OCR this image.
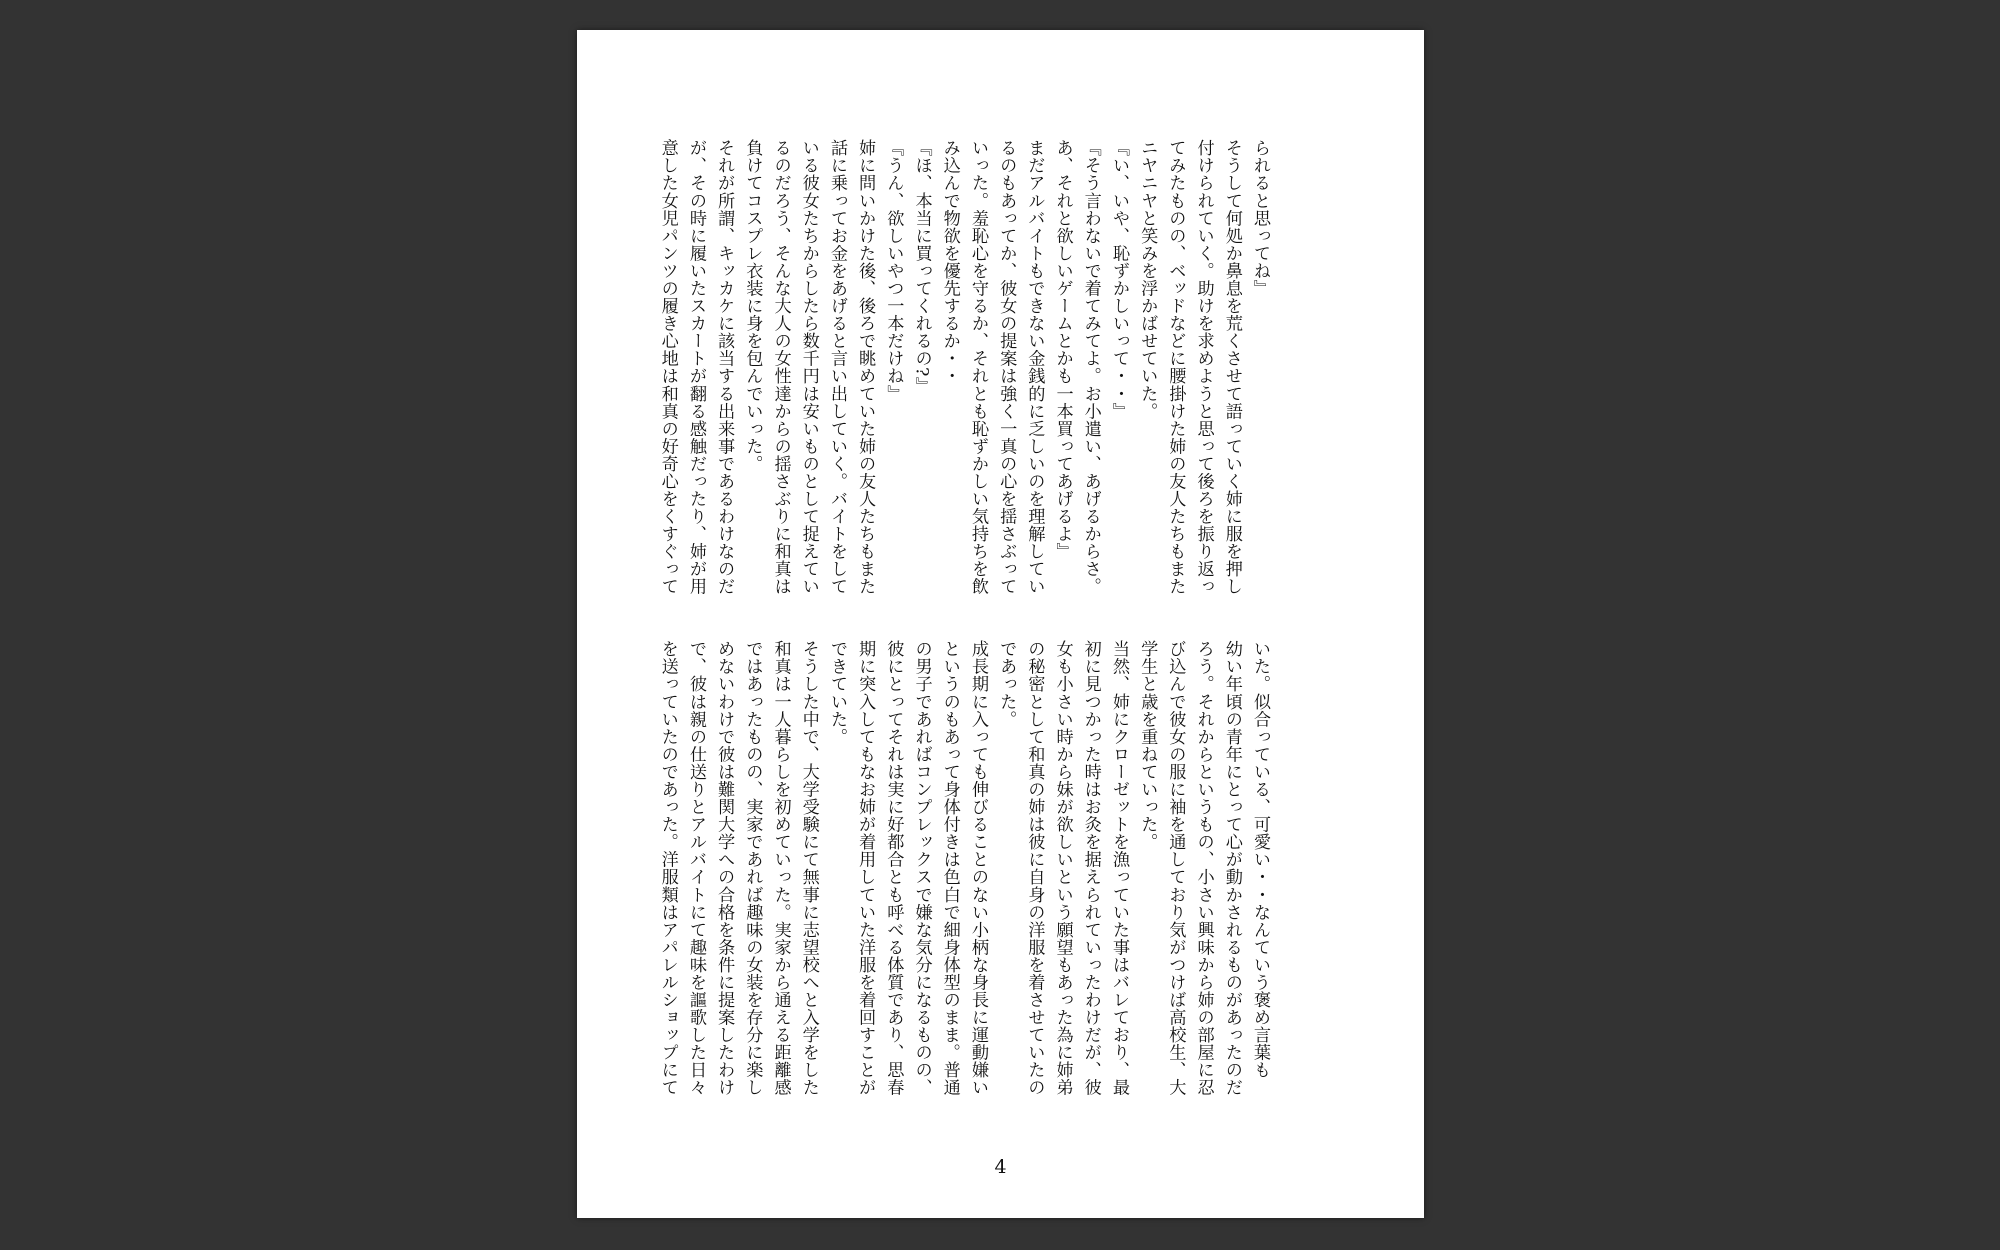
られると思ってね』
そうして何処か鼻息を荒くさせて語っていく姉に服を押し
付けられていく。助けを求めようと思って後ろを振り返っ
てみたものの、ベッドなどに腰掛けた姉の友人たちもまた
ニヤニヤと笑みを浮かばせていた。
『い、いや、恥ずかしいって・・』
『そう言わないで着てみてよ。お小遣い、あげるからさ。
あ、それと欲しいゲームとかも一本買ってあげるよ』
まだアルバイトもできない金銭的に乏しいのを理解してい
るのもあってか、彼女の提案は強く一真の心を揺さぶって
いった。羞恥心を守るか、それとも恥ずかしい気持ちを飲
み込んで物欲を優先するか・・
『ほ、本当に買ってくれるの?』
『うん、欲しいやつ一本だけね』
姉に問いかけた後、後ろで眺めていた姉の友人たちもまた
話に乗ってお金をあげると言い出していく。バイトをして
いる彼女たちからしたら数千円は安いものとして捉えてい
るのだろう、そんな大人の女性達からの揺さぶりに和真は
負けてコスプレ衣装に身を包んでいった。
それが所謂、キッカケに該当する出来事であるわけなのだ
が、その時に履いたスカートが翻る感触だったり、姉が用
意した女児パンツの履き心地は和真の好奇心をくすぐって
いた。似合っている、可愛い・・なんていう褒め言葉も
幼い年頃の青年にとって心が動かされるものがあったのだ
ろう。それからというもの、小さい興味から姉の部屋に忍
び込んで彼女の服に袖を通しており気がつけば高校生、大
学生と歳を重ねていった。
当然、姉にクローゼットを漁っていた事はバレており、最
初に見つかった時はお灸を据えられていったわけだが、彼
女も小さい時から妹が欲しいという願望もあった為に姉弟
の秘密として和真の姉は彼に自身の洋服を着させていたの
であった。
成長期に入っても伸びることのない小柄な身長に運動嫌い
というのもあって身体付きは色白で細身体型のまま。普通
の男子であればコンプレックスで嫌な気分になるものの、
彼にとってそれは実に好都合とも呼べる体質であり、思春
期に突入してもなお姉が着用していた洋服を着回すことが
できていた。
そうした中で、大学受験にて無事に志望校へと入学をした
和真は一人暮らしを初めていった。実家から通える距離感
ではあったものの、実家であれば趣味の女装を存分に楽し
めないわけで彼は難関大学への合格を条件に提案したわけ
で、彼は親の仕送りとアルバイトにて趣味を謳歌した日々
を送っていたのであった。洋服類はアパレルショップにて
4
